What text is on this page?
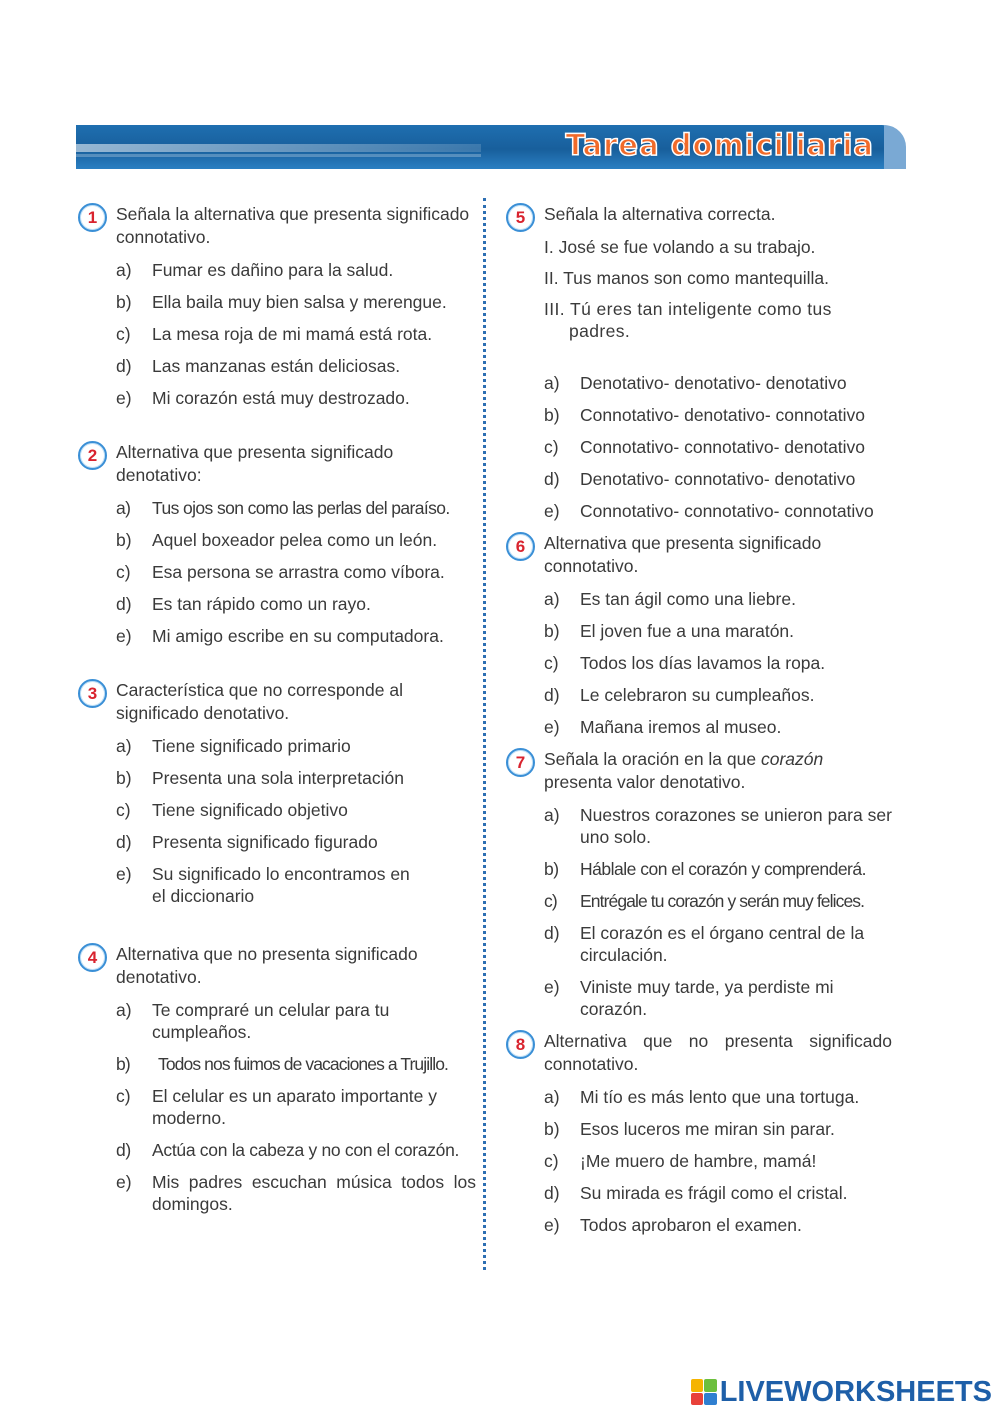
Tarea domiciliaria
1	Señala la alternativa que presenta significado connotativo.
a) Fumar es dañino para la salud.
b) Ella baila muy bien salsa y merengue.
c) La mesa roja de mi mamá está rota.
d) Las manzanas están deliciosas.
e) Mi corazón está muy destrozado.
2	Alternativa que presenta significado denotativo:
a) Tus ojos son como las perlas del paraíso.
b) Aquel boxeador pelea como un león.
c) Esa persona se arrastra como víbora.
d) Es tan rápido como un rayo.
e) Mi amigo escribe en su computadora.
3	Característica que no corresponde al significado denotativo.
a) Tiene significado primario
b) Presenta una sola interpretación
c) Tiene significado objetivo
d) Presenta significado figurado
e) Su significado lo encontramos en el diccionario
4	Alternativa que no presenta significado denotativo.
a) Te compraré un celular para tu cumpleaños.
b) Todos nos fuimos de vacaciones a Trujillo.
c) El celular es un aparato importante y moderno.
d) Actúa con la cabeza y no con el corazón.
e) Mis padres escuchan música todos los domingos.
5	Señala la alternativa correcta.
I. José se fue volando a su trabajo.
II. Tus manos son como mantequilla.
III. Tú eres tan inteligente como tus padres.
a) Denotativo- denotativo- denotativo
b) Connotativo- denotativo- connotativo
c) Connotativo- connotativo- denotativo
d) Denotativo- connotativo- denotativo
e) Connotativo- connotativo- connotativo
6	Alternativa que presenta significado connotativo.
a) Es tan ágil como una liebre.
b) El joven fue a una maratón.
c) Todos los días lavamos la ropa.
d) Le celebraron su cumpleaños.
e) Mañana iremos al museo.
7	Señala la oración en la que corazón presenta valor denotativo.
a) Nuestros corazones se unieron para ser uno solo.
b) Háblale con el corazón y comprenderá.
c) Entrégale tu corazón y serán muy felices.
d) El corazón es el órgano central de la circulación.
e) Viniste muy tarde, ya perdiste mi corazón.
8	Alternativa que no presenta significado connotativo.
a) Mi tío es más lento que una tortuga.
b) Esos luceros me miran sin parar.
c) ¡Me muero de hambre, mamá!
d) Su mirada es frágil como el cristal.
e) Todos aprobaron el examen.
LIVEWORKSHEETS
